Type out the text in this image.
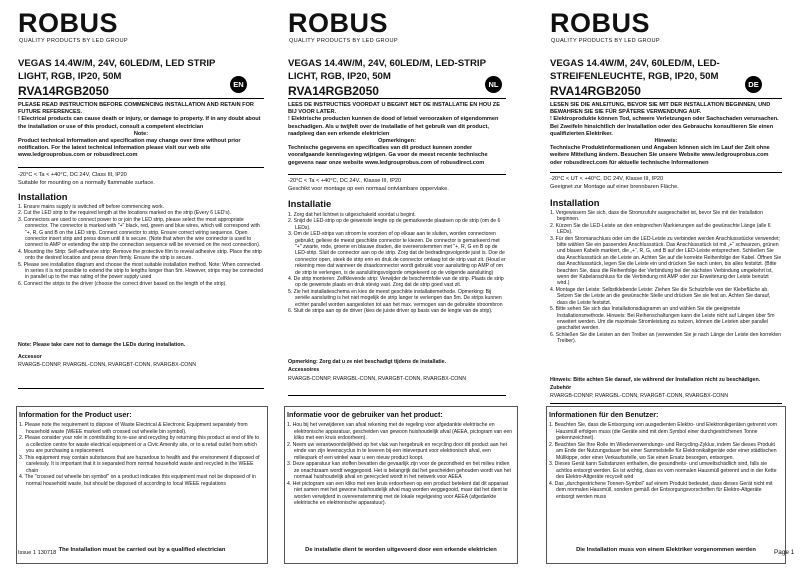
ROBUS
QUALITY PRODUCTS BY LED GROUP
VEGAS 14.4W/M, 24V, 60LED/M, LED STRIP LIGHT, RGB, IP20, 50M
RVA14RGB2050	EN
PLEASE READ INSTRUCTION BEFORE COMMENCING INSTALLATION AND RETAIN FOR FUTURE REFERENCES.
! Electrical products can cause death or injury, or damage to property. If in any doubt about the installation or use of this product, consult a competent electrician
Note:
Product technical information and specification may change over time without prior notification. For the latest technical information please visit our web site www.ledgrouprobus.com or robusdirect.com
-20°C < Ta < +40°C, DC 24V, Class III, IP20
Suitable for mounting on a normally flammable surface.
Installation
1. Ensure mains supply is switched off before commencing work.
2. Cut the LED strip to the required length at the locations marked on the strip (Every 6 LED's).
3. Connectors are used to connect power to or join the LED strip, please select the most appropriate connector. The connector is marked with "+" black, red, green and blue wires, which will correspond with "+, R, G and B on the LED strip. Connect connector to strip. Ensure correct wiring sequence. Open connector insert strip and press down until it is secure. (Note that when the wire connector is used to connect to AMP or extending the strip the connection sequence will be reversed on the next connection).
4. Mounting the Strip: Self-adhesive strip: Remove the protective film to reveal adhesive strip. Place the strip onto the desired location and press down firmly. Ensure the strip is secure.
5. Please see installation diagram and choose the most suitable installation method. Note: When connected in series it is not possible to extend the strip to lengths longer than 5m. However, strips may be connected in parallel up to the max rating of the power supply used
6. Connect the strips to the driver (choose the correct driver based on the length of the strip).
Note: Please take care not to damage the LEDs during installation.
Accessor
RVARGB-CONNP, RVARGBL-CONN, RVARGBT-CONN, RVARGBX-CONN
Information for the Product user:
1. Please note the requirement to dispose of Waste Electrical & Electronic Equipment separately from household waste (WEEE marked with crossed out wheelie bin symbol).
2. Please consider your role in contributing to re-use and recycling by returning this product at end of life to a collection centre for waste electrical equipment or a Civic Amenity site, or to a retail outlet from which you are purchasing a replacement.
3. This equipment may contain substances that are hazardous to health and the environment if disposed of carelessly. It is important that it is separated from normal household waste and recycled in the WEEE chain
4. The "crossed out wheelie bin symbol" on a product indicates this equipment must not be disposed of in normal household waste, but should be disposed of according to local WEEE regulations
The Installation must be carried out by a qualified electrician
ROBUS
QUALITY PRODUCTS BY LED GROUP
VEGAS 14.4W/M, 24V, 60LED/M, LED-STRIP LICHT, RGB, IP20, 50M
RVA14RGB2050	NL
LEES DE INSTRUCTIES VOORDAT U BEGINT MET DE INSTALLATIE EN HOU ZE BIJ VOOR LATER.
! Elektrische producten kunnen de dood of letsel veroorzaken of eigendommen beschadigen. Als u twijfelt over de installatie of het gebruik van dit product, raadpleeg dan een erkende elektricien
Opmerkingen:
Technische gegevens en specificaties van dit product kunnen zonder voorafgaande kennisgeving wijzigen. Ga voor de meest recente technische gegevens naar onze website www.ledgrouprobus.com of robusdirect.com
-20°C < Ta < +40°C, DC 24V., Klasse III, IP20
Geschikt voor montage op een normaal ontvlambare oppervlake.
Installatie
1. Zorg dat het lichtnet is uitgeschakeld voordat u begint.
2. Snijd de LED-strip op de gewenste lengte op de gemarkeerde plaatsen op de strip (om de 6 LEDs).
3. Om de LED-strips van stroom te voorzien of op elkaar aan te sluiten, worden connectoren gebruikt; gelieve de meest geschikte connector te kiezen. De connector is gemarkeerd met "+" zwarte, rode, groene en blauwe draden, die overeenstemmen met "+, R, G en B op de LED-strip. Sluit de connector aan op de strip. Zorg dat de bedradingsvolgorde juist is. Doe de connector open, steek de strip erin en druk de connector omlaag tot de strip vast zit. (Houd er rekening mee dat wanneer de draadconnector wordt gebruikt voor aansluiting op AMP of om de strip te verlengen, is de aansluitingsvolgorde omgekeerd op de volgende aansluiting)
4. De strip monteren: Zelfklevende strip: Verwijder de beschermfolie van de strip. Plaats de strip op de gewenste plaats en druk stevig vast. Zorg dat de strip goed vast zit.
5. Zie het installatieschema en kies de meest geschikte installatiemethode. Opmerking: Bij seriële aansluiting is het niet mogelijk de strip langer te verlengen dan 5m. De strips kunnen echter parallel worden aangesloten tot aan het max. vermogen van de gebruikte stroombron
6. Sluit de strips aan op de driver (kies de juiste driver op basis van de lengte van de strip).
Opmerking: Zorg dat u ze niet beschadigt tijdens de installatie.
Accessoires
RVARGB-CONNP, RVARGBL-CONN, RVARGBT-CONN, RVARGBX-CONN
Informatie voor de gebruiker van het product:
1. Hou bij het verwijderen van afval rekening met de regeling voor afgedankte elektrische en elektronische apparatuur, gescheiden van gewoon huishoudelijk afval (AEEA, pictogram van een kliko met een kruis erdoorheen).
2. Neem uw verantwoordelijkheid op het vlak van hergebruik en recycling door dit product aan het einde van zijn levenscyclus in te leveren bij een inleverpunt voor elektronisch afval, een milieupark of een winkel waar u een nieuw product koopt.
3. Deze apparatuur kan stoffen bevatten die gevaarlijk zijn voor de gezondheid en het milieu indien ze onachtzaam wordt weggegooid. Het is belangrijk dat het gescheiden gehouden wordt van het normaal huishoudelijk afval en gerecycled wordt in het netwerk voor AEEA
4. Het pictogram van een kliko met een kruis erdoorheen op een product betekent dat dit apparaat niet samen met het gewone huishoudelijk afval mag worden weggegooid, maar dat het dient te worden verwijderd in overeenstemming met de lokale regelgeving voor AEEA (afgedankte elektrische en elektronische apparatuur).
De installatie dient te worden uitgevoerd door een erkende elektricien
ROBUS
QUALITY PRODUCTS BY LED GROUP
VEGAS 14.4W/M, 24V, 60LED/M, LED-STREIFENLEUCHTE, RGB, IP20, 50M
RVA14RGB2050	DE
LESEN SIE DIE ANLEITUNG, BEVOR SIE MIT DER INSTALLATION BEGINNEN, UND BEWAHREN SIE SIE FÜR SPÄTERE VERWENDUNG AUF.
! Elektroprodukte können Tod, schwere Verletzungen oder Sachschaden verursachen. Bei Zweifeln hinsichtlich der Installation oder des Gebrauchs konsultieren Sie einen qualifizierten Elektriker.
Hinweis:
Technische Produktinformationen und Angaben können sich im Lauf der Zeit ohne weitere Mitteilung ändern. Besuchen Sie unsere Website www.ledgrouprobus.com oder robusdirect.com für aktuelle technische Informationen
-20°C < UT < +40°C, DC 24V, Klasse III, IP20
Geeignet zur Montage auf einer brennbaren Fläche.
Installation
1. Vergewissern Sie sich, dass die Stromzufuhr ausgeschaltet ist, bevor Sie mit der Installation beginnen.
2. Kürzen Sie die LED-Leiste an den entsprechen Markierungen auf die gewünschte Länge (alle 6 LEDs).
3. Für den Stromanschluss oder um die LED-Leiste zu verbinden werden Anschlussstücke verwendet; bitte wählen Sie ein passendes Anschlussstück. Das Anschlussstück ist mit „+“ schwarzen, grünen und blauen Kabeln markiert, die „+“, R, G, und B auf der LED-Leiste entsprechen. Schließen Sie das Anschlussstück an die Leiste an. Achten Sie auf die korrekte Reihenfolge der Kabel. Öffnen Sie das Anschlussstück, legen Sie die Leiste ein und drücken Sie nach unten, bis alles festsitzt. (Bitte beachten Sie, dass die Reihenfolge der Verbindung bei der nächsten Verbindung umgekehrt ist, wenn der Kabelanschluss für die Verbindung mit AMP oder zur Erweiterung der Leiste benutzt wird.)
4. Montage der Leiste: Selbstklebende Leiste: Ziehen Sie die Schutzfolie von der Klebefläche ab. Setzen Sie die Leiste an die gewünschte Stelle und drücken Sie sie fest an. Achten Sie darauf, dass die Leiste festsitzt.
5. Bitte sehen Sie sich das Installationsdiagramm an und wählen Sie die geeignetste Installationsmethode. Hinweis: Bei Reihenschaltungen kann die Leiste nicht auf Längen über 5m erweitert werden. Um die maximale Stromleistung zu nutzen, können die Leisten aber parallel geschaltet werden.
6. Schließen Sie die Leisten an den Treiber an (verwenden Sie je nach Länge der Leiste den korrekten Treiber).
Hinweis: Bitte achten Sie darauf, sie während der Installation nicht zu beschädigen.
Zubehör
RVARGB-CONNP, RVARGBL-CONN, RVARGBT-CONN, RVARGBX-CONN
Informationen für den Benutzer:
1. Beachten Sie, dass die Entsorgung von ausgedienten Elektro- und Elektronikgeräten getrennt vom Hausmüll erfolgen muss (die Geräte sind mit dem Symbol einer durchgestrichenen Tonne gekennzeichnet).
2. Beachten Sie Ihre Rolle im Wiederverwendungs- und Recycling-Zyklus, indem Sie dieses Produkt am Ende der Nutzungsdauer bei einer Sammelstelle für Elektronikaltgeräte oder einer städtischen Müllkippe, oder einer Verkaufsstelle, wo Sie einen Ersatz besorgen, entsorgen.
3. Dieses Gerät kann Substanzen enthalten, die gesundheits- und umweltschädlich sind, falls sie achtlos entsorgt werden. Es ist wichtig, dass es vom normalen Hausmüll getrennt und in der Kette des Elektro-Altgeräte recycelt wird
4. Das „durchgestrichene Tonnen-Symbol“ auf einem Produkt bedeutet, dass dieses Gerät nicht mit dem normalen Hausmüll, sondern gemäß der Entsorgungsvorschriften für Elektro-Altgeräte entsorgt werden muss
Die Installation muss von einem Elektriker vorgenommen werden
Issue 1 130718	Page 1
